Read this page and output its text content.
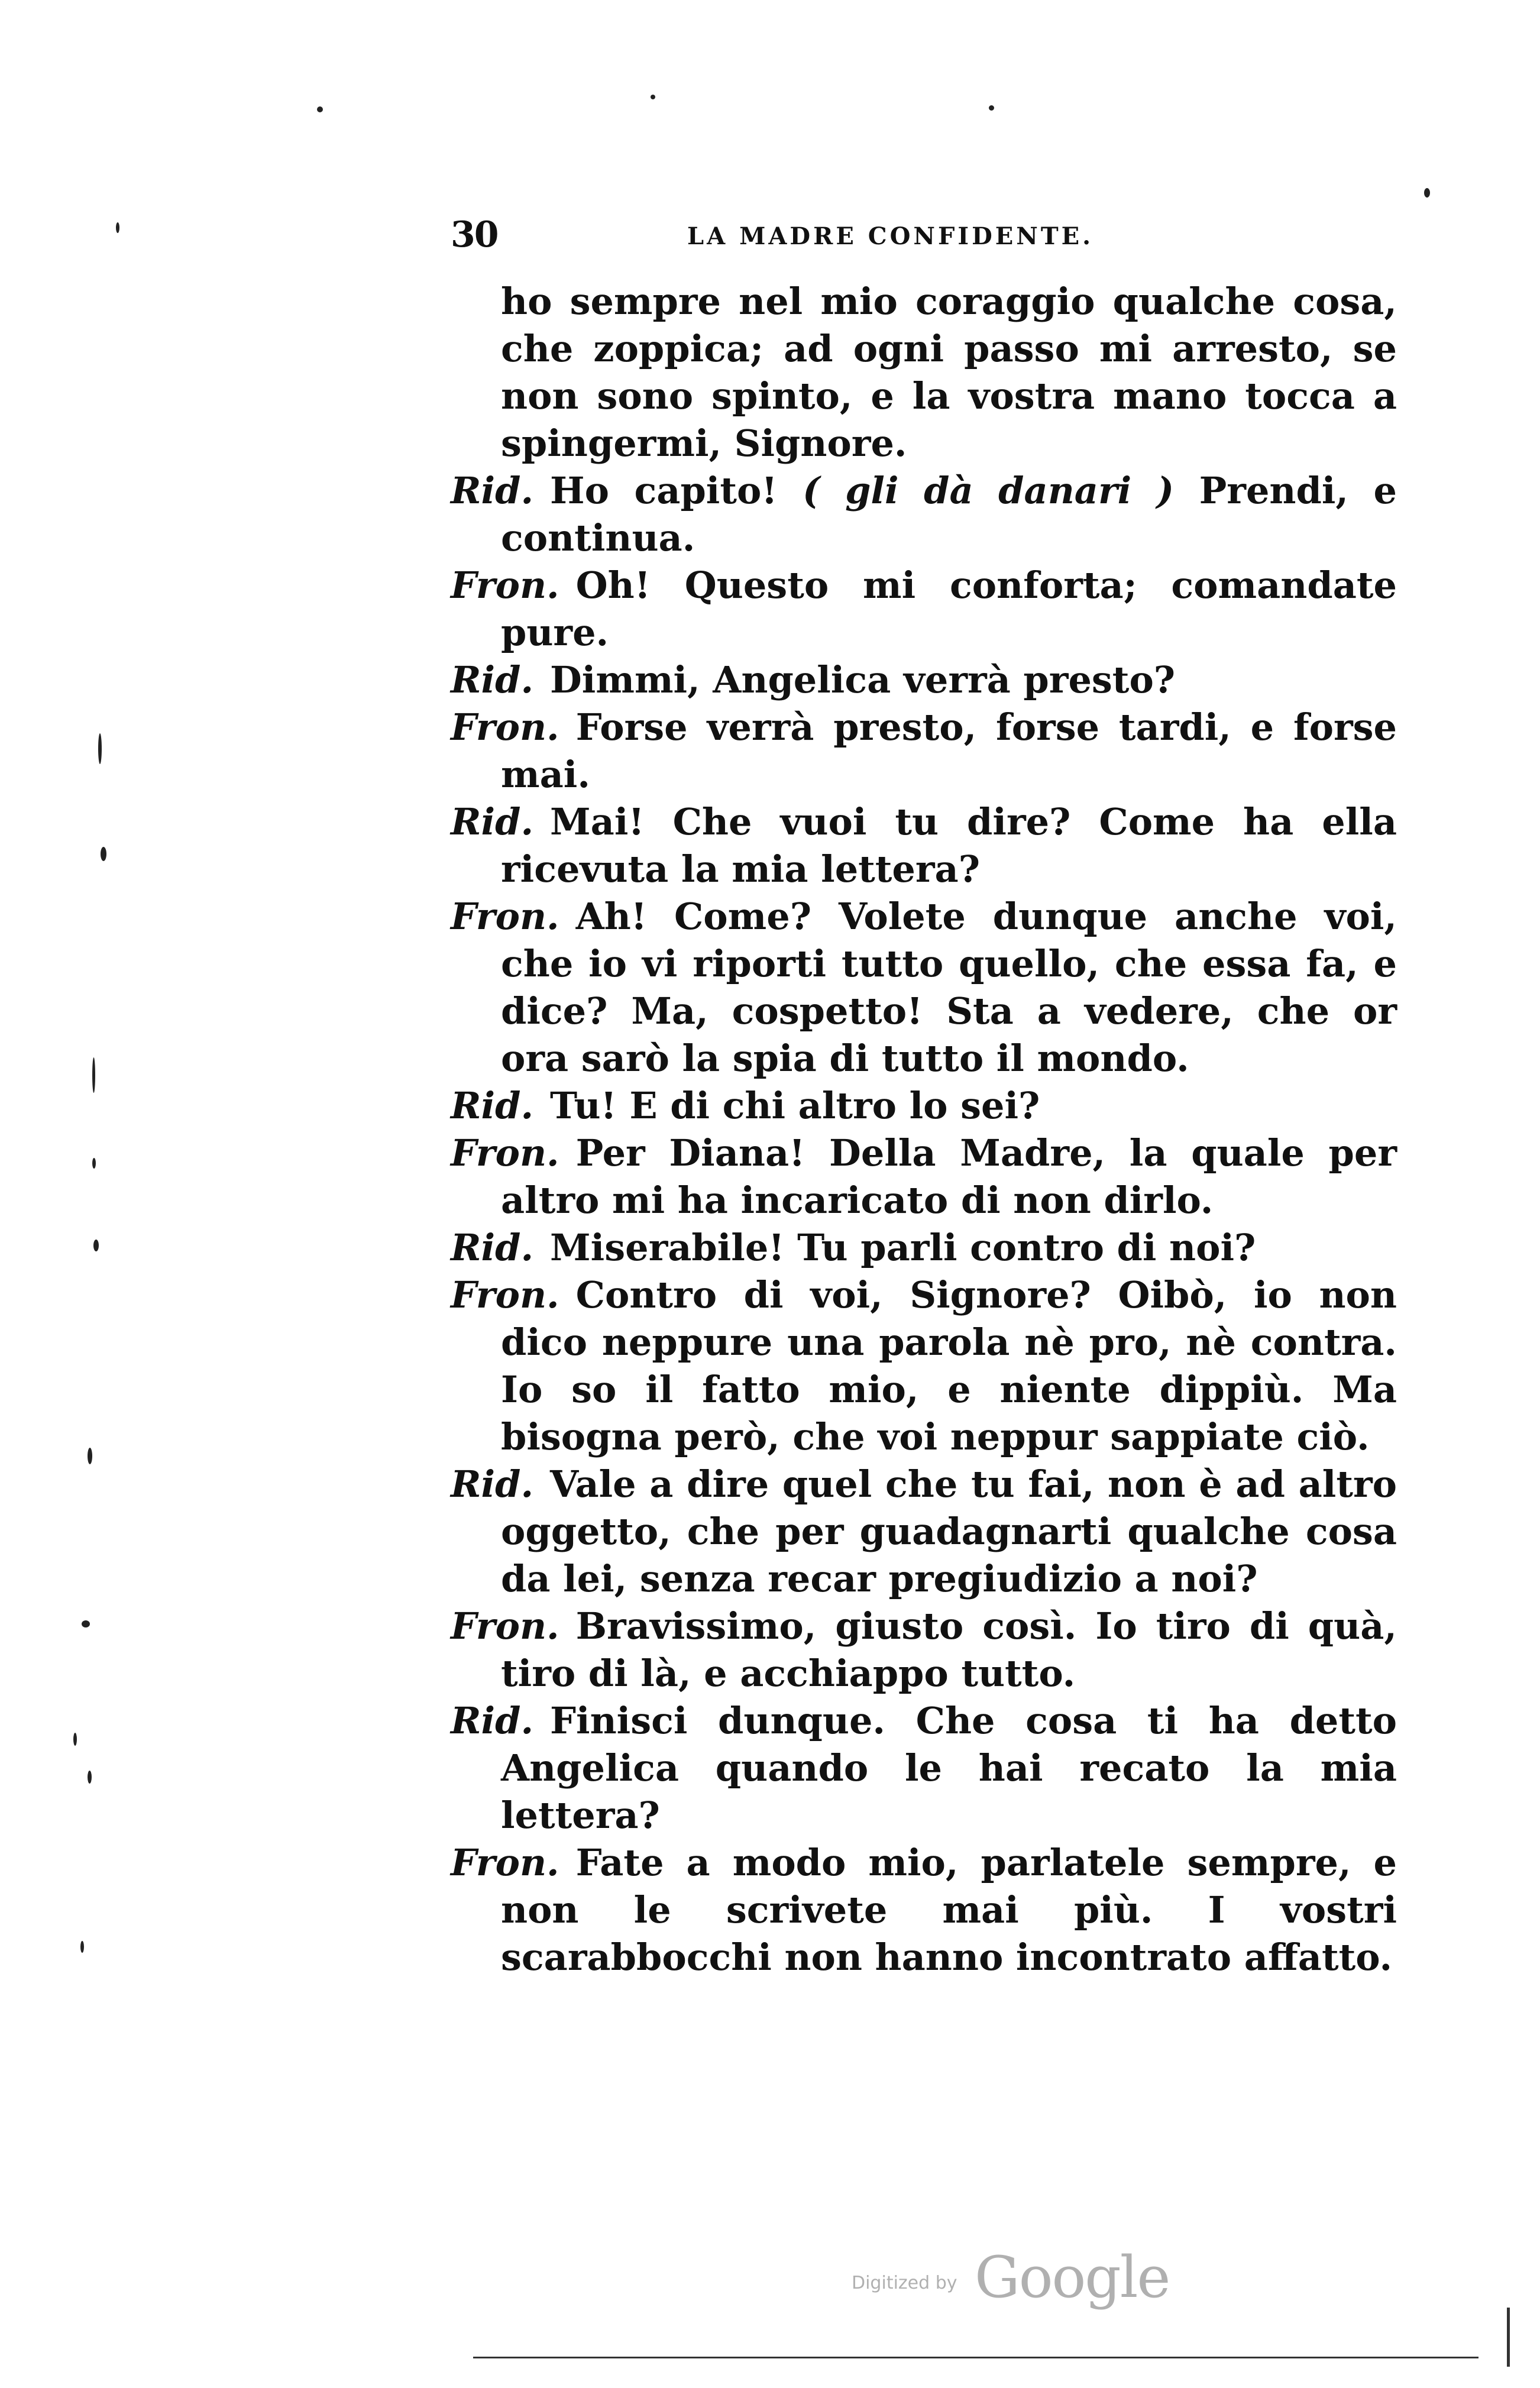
30	LA MADRE CONFIDENTE.

ho sempre nel mio coraggio qualche cosa, che zoppica; ad ogni passo mi arresto, se non sono spinto, e la vostra mano tocca a spingermi, Signore.

Rid . Ho capito! ( gli dà danari ) Prendi, e continua.

Fron . Oh! Questo mi conforta; comandate pure.

Rid . Dimmi, Angelica verrà presto?

Fron . Forse verrà presto, forse tardi, e forse mai.

Rid . Mai! Che vuoi tu dire? Come ha ella ricevuta la mia lettera?

Fron . Ah! Come? Volete dunque anche voi, che io vi riporti tutto quello, che essa fa, e dice? Ma, cospetto! Sta a vedere, che or ora sarò la spia di tutto il mondo.

Rid . Tu! E di chi altro lo sei?

Fron . Per Diana! Della Madre, la quale per altro mi ha incaricato di non dirlo.

Rid . Miserabile! Tu parli contro di noi?

Fron . Contro di voi, Signore? Oibò, io non dico neppure una parola nè pro, nè contra. Io so il fatto mio, e niente dippiù. Ma bisogna però, che voi neppur sappiate ciò.

Rid . Vale a dire quel che tu fai, non è ad altro oggetto, che per guadagnarti qualche cosa da lei, senza recar pregiudizio a noi?

Fron . Bravissimo, giusto così. Io tiro di quà, tiro di là, e acchiappo tutto.

Rid . Finisci dunque. Che cosa ti ha detto Angelica quando le hai recato la mia lettera?

Fron . Fate a modo mio, parlatele sempre, e non le scrivete mai più. I vostri scarabbocchi non hanno incontrato affatto.

Digitized by Google
